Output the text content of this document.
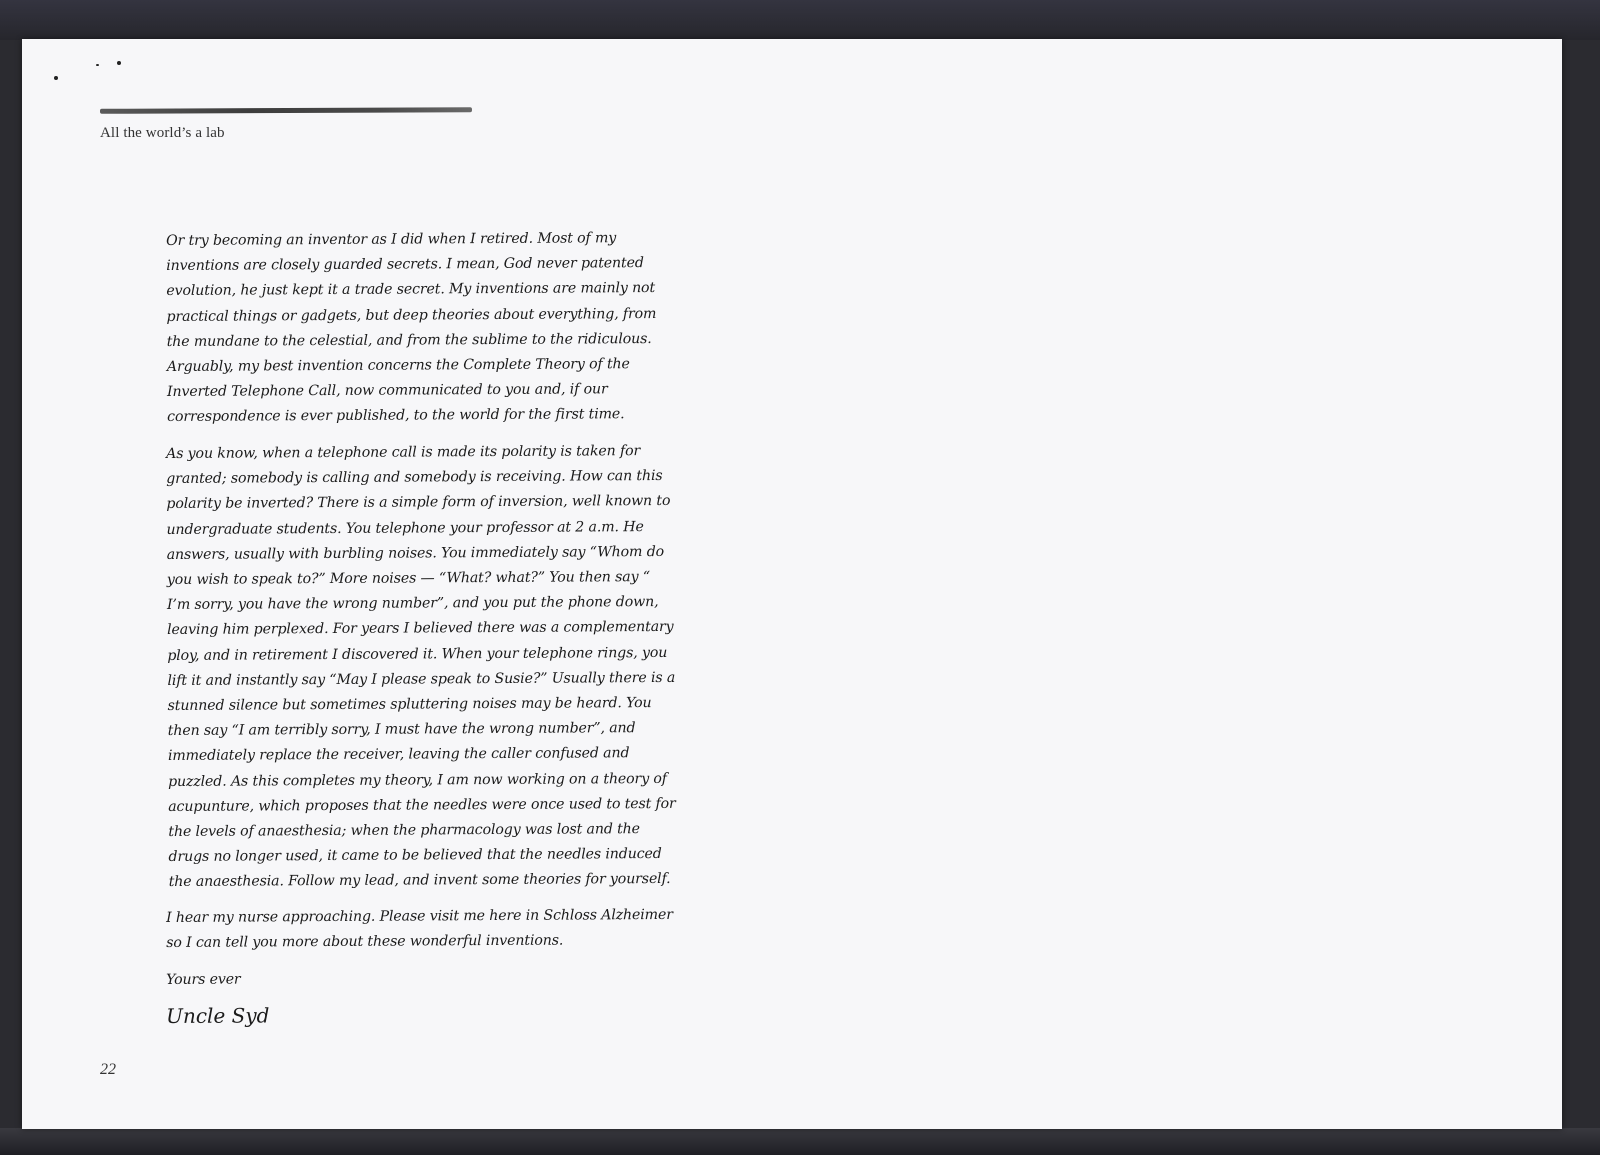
All the world’s a lab

Or try becoming an inventor as I did when I retired. Most of my inventions are closely guarded secrets. I mean, God never patented evolution, he just kept it a trade secret. My inventions are mainly not practical things or gadgets, but deep theories about everything, from the mundane to the celestial, and from the sublime to the ridiculous. Arguably, my best invention concerns the Complete Theory of the Inverted Telephone Call, now communicated to you and, if our correspondence is ever published, to the world for the first time.

As you know, when a telephone call is made its polarity is taken for granted; somebody is calling and somebody is receiving. How can this polarity be inverted? There is a simple form of inversion, well known to undergraduate students. You telephone your professor at 2 a.m. He answers, usually with burbling noises. You immediately say “Whom do you wish to speak to?” More noises — “What? what?” You then say “ I’m sorry, you have the wrong number”, and you put the phone down, leaving him perplexed. For years I believed there was a complementary ploy, and in retirement I discovered it. When your telephone rings, you lift it and instantly say “May I please speak to Susie?” Usually there is a stunned silence but sometimes spluttering noises may be heard. You then say “I am terribly sorry, I must have the wrong number”, and immediately replace the receiver, leaving the caller confused and puzzled. As this completes my theory, I am now working on a theory of acupunture, which proposes that the needles were once used to test for the levels of anaesthesia; when the pharmacology was lost and the drugs no longer used, it came to be believed that the needles induced the anaesthesia. Follow my lead, and invent some theories for yourself.

I hear my nurse approaching. Please visit me here in Schloss Alzheimer so I can tell you more about these wonderful inventions.

Yours ever

Uncle Syd

22
